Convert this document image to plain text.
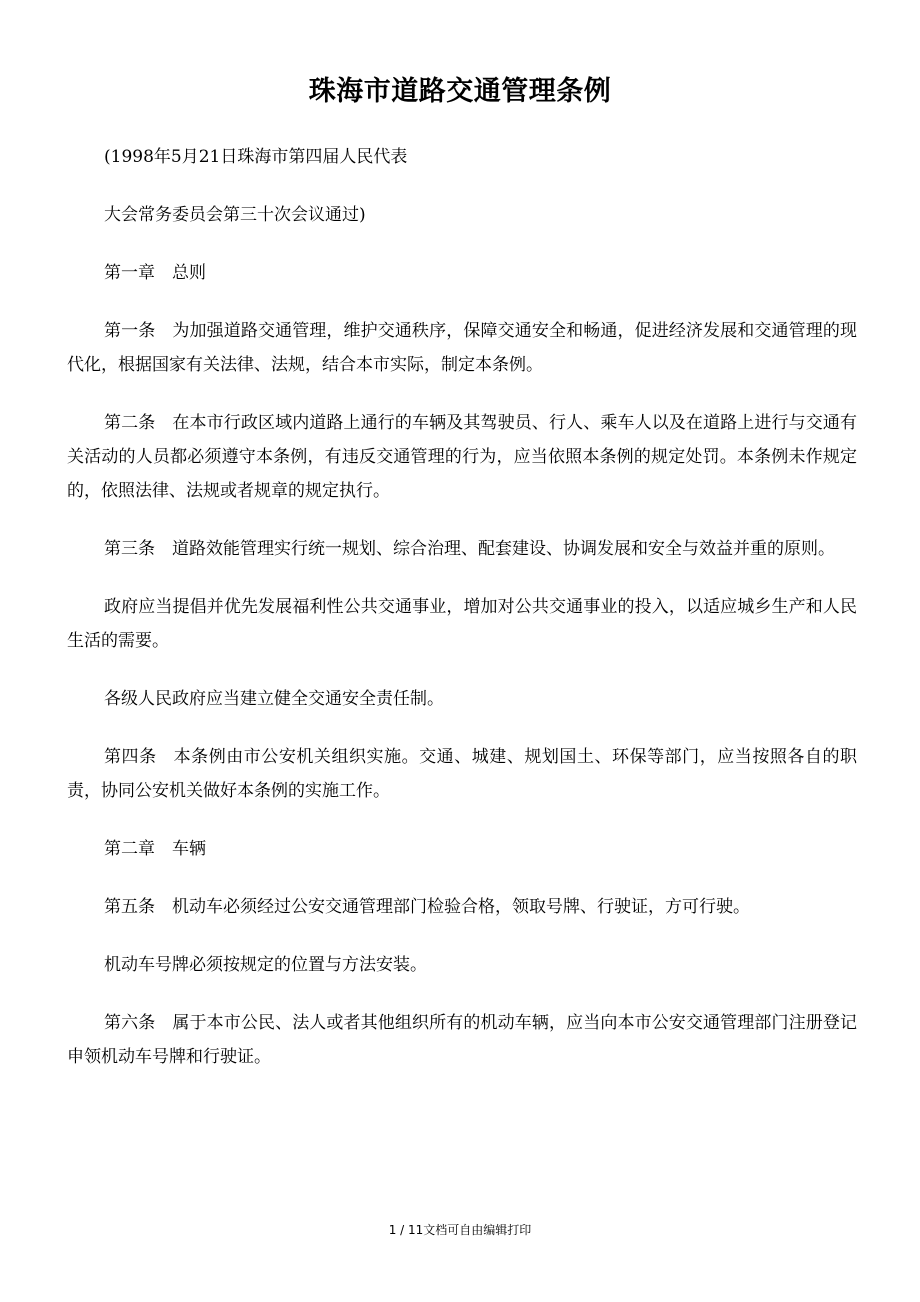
珠海市道路交通管理条例

(1998年5月21日珠海市第四届人民代表

大会常务委员会第三十次会议通过)

第一章 总则

第一条 为加强道路交通管理，维护交通秩序，保障交通安全和畅通，促进经济发展和交通管理的现代化，根据国家有关法律、法规，结合本市实际，制定本条例。

第二条 在本市行政区域内道路上通行的车辆及其驾驶员、行人、乘车人以及在道路上进行与交通有关活动的人员都必须遵守本条例，有违反交通管理的行为，应当依照本条例的规定处罚。本条例未作规定的，依照法律、法规或者规章的规定执行。

第三条 道路效能管理实行统一规划、综合治理、配套建设、协调发展和安全与效益并重的原则。

政府应当提倡并优先发展福利性公共交通事业，增加对公共交通事业的投入，以适应城乡生产和人民生活的需要。

各级人民政府应当建立健全交通安全责任制。

第四条 本条例由市公安机关组织实施。交通、城建、规划国土、环保等部门，应当按照各自的职责，协同公安机关做好本条例的实施工作。

第二章 车辆

第五条 机动车必须经过公安交通管理部门检验合格，领取号牌、行驶证，方可行驶。

机动车号牌必须按规定的位置与方法安装。

第六条 属于本市公民、法人或者其他组织所有的机动车辆，应当向本市公安交通管理部门注册登记申领机动车号牌和行驶证。

1 / 11文档可自由编辑打印
